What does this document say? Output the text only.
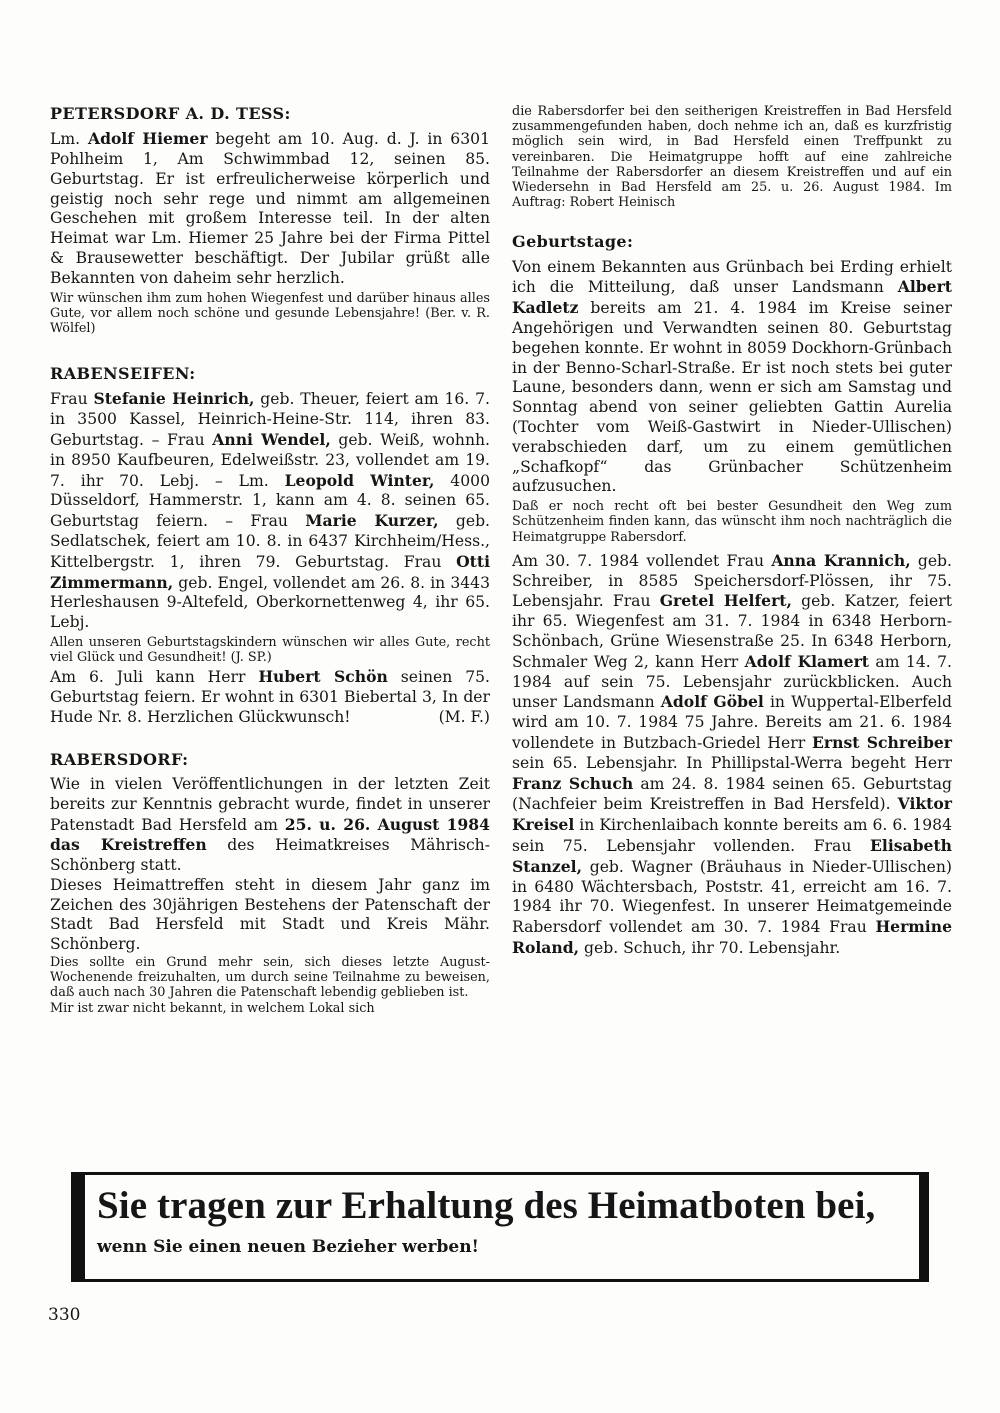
PETERSDORF A. D. TESS:

Lm. Adolf Hiemer begeht am 10. Aug. d. J. in 6301 Pohlheim 1, Am Schwimmbad 12, seinen 85. Geburtstag. Er ist erfreulicherweise körperlich und geistig noch sehr rege und nimmt am allgemeinen Geschehen mit großem Interesse teil. In der alten Heimat war Lm. Hiemer 25 Jahre bei der Firma Pittel & Brausewetter beschäftigt. Der Jubilar grüßt alle Bekannten von daheim sehr herzlich.

Wir wünschen ihm zum hohen Wiegenfest und darüber hinaus alles Gute, vor allem noch schöne und gesunde Lebensjahre! (Ber. v. R. Wölfel)

RABENSEIFEN:

Frau Stefanie Heinrich, geb. Theuer, feiert am 16. 7. in 3500 Kassel, Heinrich-Heine-Str. 114, ihren 83. Geburtstag. – Frau Anni Wendel, geb. Weiß, wohnh. in 8950 Kaufbeuren, Edelweißstr. 23, vollendet am 19. 7. ihr 70. Lebj. – Lm. Leopold Winter, 4000 Düsseldorf, Hammerstr. 1, kann am 4. 8. seinen 65. Geburtstag feiern. – Frau Marie Kurzer, geb. Sedlatschek, feiert am 10. 8. in 6437 Kirchheim/Hess., Kittelbergstr. 1, ihren 79. Geburtstag. Frau Otti Zimmermann, geb. Engel, vollendet am 26. 8. in 3443 Herleshausen 9-Altefeld, Oberkornettenweg 4, ihr 65. Lebj.

Allen unseren Geburtstagskindern wünschen wir alles Gute, recht viel Glück und Gesundheit! (J. SP.)

Am 6. Juli kann Herr Hubert Schön seinen 75. Geburtstag feiern. Er wohnt in 6301 Biebertal 3, In der Hude Nr. 8. Herzlichen Glückwunsch!	(M. F.)

RABERSDORF:

Wie in vielen Veröffentlichungen in der letzten Zeit bereits zur Kenntnis gebracht wurde, findet in unserer Patenstadt Bad Hersfeld am 25. u. 26. August 1984 das Kreistreffen des Heimatkreises Mährisch-Schönberg statt.

Dieses Heimattreffen steht in diesem Jahr ganz im Zeichen des 30jährigen Bestehens der Patenschaft der Stadt Bad Hersfeld mit Stadt und Kreis Mähr. Schönberg.

Dies sollte ein Grund mehr sein, sich dieses letzte August-Wochenende freizuhalten, um durch seine Teilnahme zu beweisen, daß auch nach 30 Jahren die Patenschaft lebendig geblieben ist.

Mir ist zwar nicht bekannt, in welchem Lokal sich

die Rabersdorfer bei den seitherigen Kreistreffen in Bad Hersfeld zusammengefunden haben, doch nehme ich an, daß es kurzfristig möglich sein wird, in Bad Hersfeld einen Treffpunkt zu vereinbaren. Die Heimatgruppe hofft auf eine zahlreiche Teilnahme der Rabersdorfer an diesem Kreistreffen und auf ein Wiedersehn in Bad Hersfeld am 25. u. 26. August 1984. Im Auftrag: Robert Heinisch

Geburtstage:

Von einem Bekannten aus Grünbach bei Erding erhielt ich die Mitteilung, daß unser Landsmann Albert Kadletz bereits am 21. 4. 1984 im Kreise seiner Angehörigen und Verwandten seinen 80. Geburtstag begehen konnte. Er wohnt in 8059 Dockhorn-Grünbach in der Benno-Scharl-Straße. Er ist noch stets bei guter Laune, besonders dann, wenn er sich am Samstag und Sonntag abend von seiner geliebten Gattin Aurelia (Tochter vom Weiß-Gastwirt in Nieder-Ullischen) verabschieden darf, um zu einem gemütlichen „Schafkopf“ das Grünbacher Schützenheim aufzusuchen.

Daß er noch recht oft bei bester Gesundheit den Weg zum Schützenheim finden kann, das wünscht ihm noch nachträglich die Heimatgruppe Rabersdorf.

Am 30. 7. 1984 vollendet Frau Anna Krannich, geb. Schreiber, in 8585 Speichersdorf-Plössen, ihr 75. Lebensjahr. Frau Gretel Helfert, geb. Katzer, feiert ihr 65. Wiegenfest am 31. 7. 1984 in 6348 Herborn-Schönbach, Grüne Wiesenstraße 25. In 6348 Herborn, Schmaler Weg 2, kann Herr Adolf Klamert am 14. 7. 1984 auf sein 75. Lebensjahr zurückblicken. Auch unser Landsmann Adolf Göbel in Wuppertal-Elberfeld wird am 10. 7. 1984 75 Jahre. Bereits am 21. 6. 1984 vollendete in Butzbach-Griedel Herr Ernst Schreiber sein 65. Lebensjahr. In Phillipstal-Werra begeht Herr Franz Schuch am 24. 8. 1984 seinen 65. Geburtstag (Nachfeier beim Kreistreffen in Bad Hersfeld). Viktor Kreisel in Kirchenlaibach konnte bereits am 6. 6. 1984 sein 75. Lebensjahr vollenden. Frau Elisabeth Stanzel, geb. Wagner (Bräuhaus in Nieder-Ullischen) in 6480 Wächtersbach, Poststr. 41, erreicht am 16. 7. 1984 ihr 70. Wiegenfest. In unserer Heimatgemeinde Rabersdorf vollendet am 30. 7. 1984 Frau Hermine Roland, geb. Schuch, ihr 70. Lebensjahr.

Sie tragen zur Erhaltung des Heimatboten bei,
wenn Sie einen neuen Bezieher werben!
330
